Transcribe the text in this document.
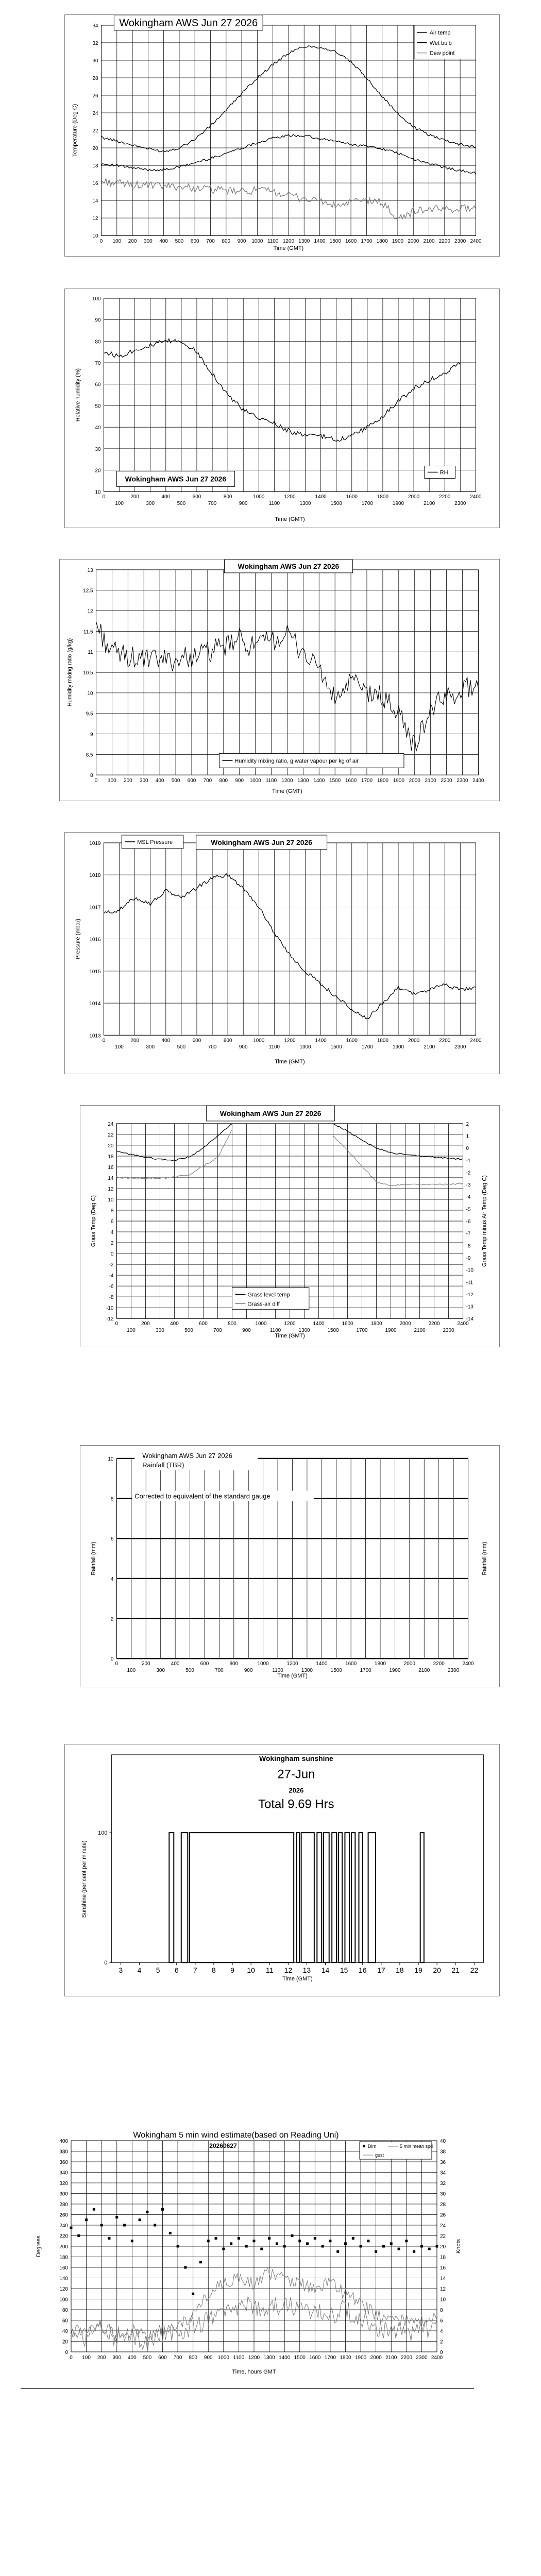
10
12
14
16
18
20
22
24
26
28
30
32
34
0 100 200 300 400 500 600 700 800 900 1000 1100 1200 1300 1400 1500 1600 1700 1800 1900 2000 2100 2200 2300 2400
Time (GMT)
Temperature (Deg C)
Wokingham AWS Jun 27 2026
Air temp
Wet bulb
Dew point
10
20
30
40
50
60
70
80
90
100
0	200	400	600	800	1000	1200	1400	1600	1800	2000	2200	2400
100	300	500	700	900	1100	1300	1500	1700	1900	2100	2300
Time (GMT)
Relative humidity (%)
Wokingham AWS Jun 27 2026
RH
8
8.5
9
9.5
10
10.5
11
11.5
12
12.5
13
0 100 200 300 400 500 600 700 800 900 1000 1100 1200 1300 1400 1500 1600 1700 1800 1900 2000 2100 2200 2300 2400
Time (GMT)
Humidity mixing ratio (g/kg)
Wokingham AWS Jun 27 2026
Humidity mixing ratio, g water vapour per kg of air
1013
1014
1015
1016
1017
1018
1019
0	200	400	600	800	1000	1200	1400	1600	1800	2000	2200	2400
100	300	500	700	900	1100	1300	1500	1700	1900	2100	2300
Time (GMT)
Pressure (mbar)
Wokingham AWS Jun 27 2026
MSL Pressure
-12
-10
-8
-6
-4
-2
0
2
4
6
8
10
12
14
16
18
20
22
24
-14
-13
-12
-11
-10
-9
-8
-7
-6
-5
-4
-3
-2
-1
0
1
2
0	200	400	600	800	1000	1200	1400	1600	1800	2000	2200	2400
100	300	500	700	900	1100	1300	1500	1700	1900	2100	2300
Time (GMT)
Grass Temp (Deg C)	Grass Temp minus Air Temp (Deg C)
Wokingham AWS Jun 27 2026
Grass level temp
Grass-air diff
0
2
4
6
8
10
0	200	400	600	800	1000	1200	1400	1600	1800	2000	2200	2400
100	300	500	700	900	1100	1300	1500	1700	1900	2100	2300
Time (GMT)
Rainfall (mm)	Rainfall (mm)
Wokingham AWS Jun 27 2026
Rainfall (TBR)
Corrected to equivalent of the standard gauge
3 4 5 6 7 8 9 10 11 12 13 14 15 16 17 18 19 20 21 22
0
100
Time (GMT)
Sunshine (per cent per minute)
Wokingham sunshine
27-Jun
2026
Total 9.69 Hrs
0
20
40
60
80
100
120
140
160
180
200
220
240
260
280
300
320
340
360
380
400
0
2
4
6
8
10
12
14
16
18
20
22
24
26
28
30
32
34
36
38
40
0 100 200 300 400 500 600 700 800 900 1000 1100 1200 1300 1400 1500 1600 1700 1800 1900 2000 2100 2200 2300 2400
Time, hours GMT
Degrees	Knots
Wokingham 5 min wind estimate(based on Reading Uni)
20260627	Dirn	5 min mean spd
gust
